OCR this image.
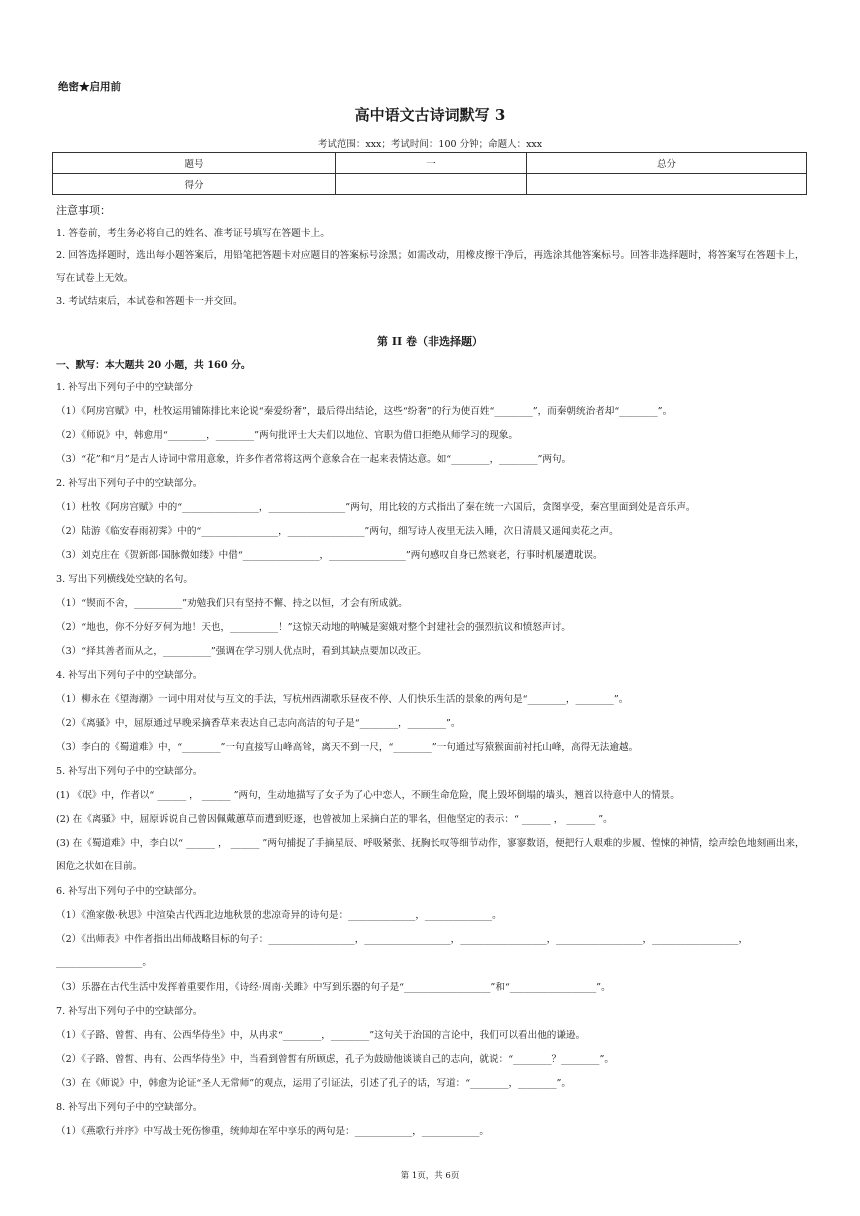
绝密★启用前
高中语文古诗词默写 3
考试范围：xxx；考试时间：100 分钟；命题人：xxx
题号	一	总分
得分		
注意事项：
1. 答卷前，考生务必将自己的姓名、准考证号填写在答题卡上。
2. 回答选择题时，选出每小题答案后，用铅笔把答题卡对应题目的答案标号涂黑；如需改动，用橡皮擦干净后，再选涂其他答案标号。回答非选择题时，将答案写在答题卡上，写在试卷上无效。
3. 考试结束后，本试卷和答题卡一并交回。
第 II 卷（非选择题）
一、默写：本大题共 20 小题，共 160 分。
1. 补写出下列句子中的空缺部分
（1）《阿房宫赋》中，杜牧运用铺陈排比来论说“秦爱纷奢”，最后得出结论，这些“纷奢”的行为使百姓“________”，而秦朝统治者却“________”。
（2）《师说》中，韩愈用“________，________”两句批评士大夫们以地位、官职为借口拒绝从师学习的现象。
（3）“花”和“月”是古人诗词中常用意象，许多作者常将这两个意象合在一起来表情达意。如“________，________”两句。
2. 补写出下列句子中的空缺部分。
（1）杜牧《阿房宫赋》中的“________________，________________”两句，用比较的方式指出了秦在统一六国后，贪图享受，秦宫里面到处是音乐声。
（2）陆游《临安春雨初霁》中的“________________，________________”两句，细写诗人夜里无法入睡，次日清晨又遥闻卖花之声。
（3）刘克庄在《贺新郎·国脉微如缕》中借“________________，________________”两句感叹自身已然衰老，行事时机屡遭耽误。
3. 写出下列横线处空缺的名句。
（1）“锲而不舍，__________”劝勉我们只有坚持不懈、持之以恒，才会有所成就。
（2）“地也，你不分好歹何为地！天也，__________！”这惊天动地的呐喊是窦娥对整个封建社会的强烈抗议和愤怒声讨。
（3）“择其善者而从之，__________”强调在学习别人优点时，看到其缺点要加以改正。
4. 补写出下列句子中的空缺部分。
（1）柳永在《望海潮》一词中用对仗与互文的手法，写杭州西湖歌乐昼夜不停、人们快乐生活的景象的两句是“________，________”。
（2）《离骚》中，屈原通过早晚采摘香草来表达自己志向高洁的句子是“________，________”。
（3）李白的《蜀道难》中，“________”一句直接写山峰高耸，离天不到一尺，“________”一句通过写猿猴面前衬托山峰，高得无法逾越。
5. 补写出下列句子中的空缺部分。
(1) 《氓》中，作者以“ ______ ， ______ ”两句，生动地描写了女子为了心中恋人，不顾生命危险，爬上毁坏倒塌的墙头，翘首以待意中人的情景。
(2) 在《离骚》中，屈原诉说自己曾因佩戴蕙草而遭到贬逐，也曾被加上采摘白芷的罪名，但他坚定的表示：“ ______ ， ______ ”。
(3) 在《蜀道难》中，李白以“ ______ ， ______ ”两句捕捉了手摘星辰、呼吸紧张、抚胸长叹等细节动作，寥寥数语，便把行人艰难的步履、惶悚的神情，绘声绘色地刻画出来，困危之状如在目前。
6. 补写出下列句子中的空缺部分。
（1）《渔家傲·秋思》中渲染古代西北边地秋景的悲凉奇异的诗句是：______________，______________。
（2）《出师表》中作者指出出师战略目标的句子：__________________，__________________，__________________，__________________，__________________，__________________。
（3）乐器在古代生活中发挥着重要作用，《诗经·周南·关雎》中写到乐器的句子是“__________________”和“__________________”。
7. 补写出下列句子中的空缺部分。
（1）《子路、曾皙、冉有、公西华侍坐》中，从冉求“________，________”这句关于治国的言论中，我们可以看出他的谦逊。
（2）《子路、曾皙、冉有、公西华侍坐》中，当看到曾皙有所顾虑，孔子为鼓励他谈谈自己的志向，就说：“________？________”。
（3）在《师说》中，韩愈为论证“圣人无常师”的观点，运用了引证法，引述了孔子的话，写道：“________，________”。
8. 补写出下列句子中的空缺部分。
（1）《燕歌行并序》中写战士死伤惨重，统帅却在军中享乐的两句是：____________，____________。
第 1页，共 6页
